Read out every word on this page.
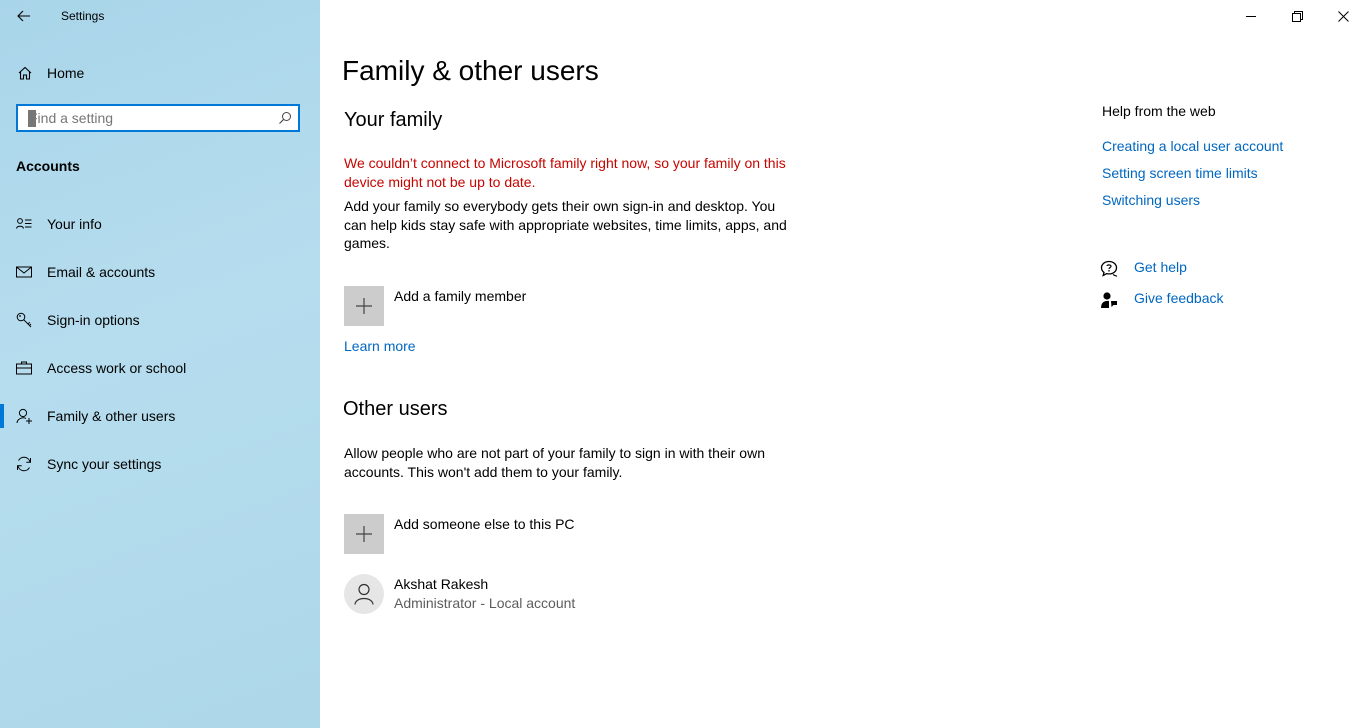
Settings
Home
Find a setting
Accounts
Your info
Email & accounts
Sign-in options
Access work or school
Family & other users
Sync your settings
Family & other users
Your family
We couldn’t connect to Microsoft family right now, so your family on this device might not be up to date.
Add your family so everybody gets their own sign-in and desktop. You can help kids stay safe with appropriate websites, time limits, apps, and games.
Add a family member
Learn more
Other users
Allow people who are not part of your family to sign in with their own accounts. This won't add them to your family.
Add someone else to this PC
Akshat Rakesh
Administrator - Local account
Help from the web
Creating a local user account
Setting screen time limits
Switching users
Get help
Give feedback
